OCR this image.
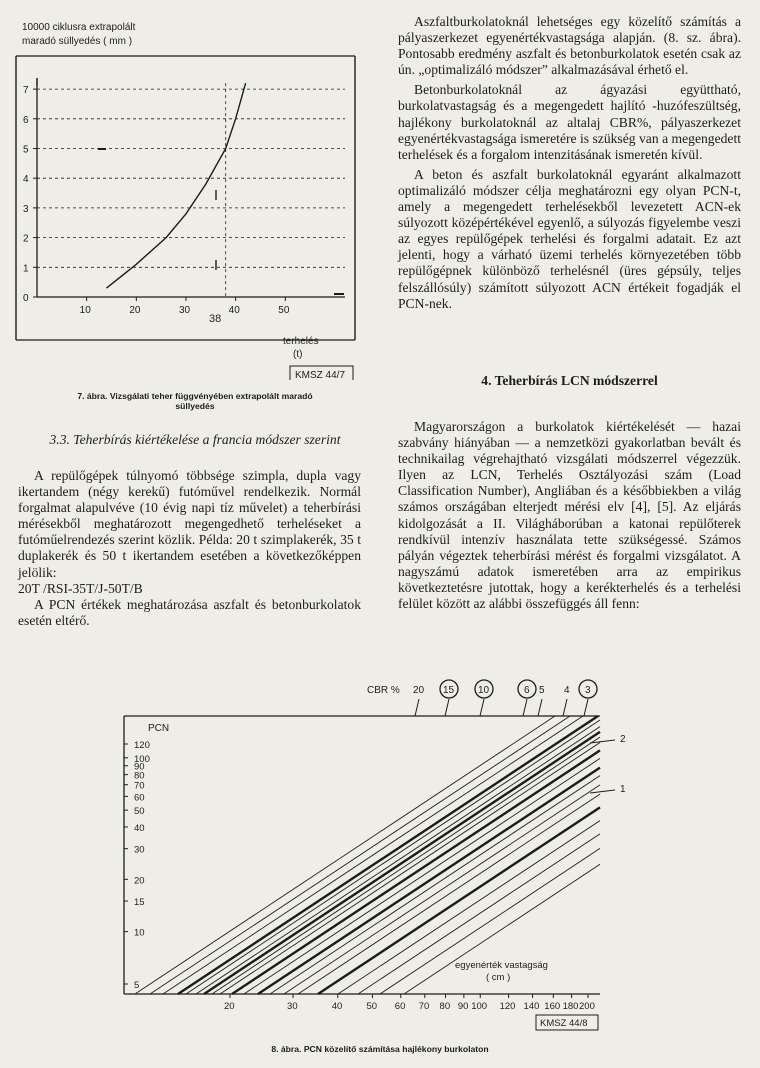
10000 ciklusra extrapolált
maradó süllyedés ( mm )
7
6
5
4
3
2
1
0
10	20	30	40	50
38
terhelés
(t)
KMSZ 44/7
7. ábra. Vizsgálati teher függvényében extrapolált maradó
süllyedés
3.3. Teherbírás kiértékelése a francia módszer szerint

A repülőgépek túlnyomó többsége szimpla, dupla vagy ikertandem (négy kerekű) futóművel rendelkezik. Normál forgalmat alapulvéve (10 évig napi tíz művelet) a teherbírási mérésekből meghatározott megengedhető terheléseket a futóműelrendezés szerint közlik. Példa: 20 t szimplakerék, 35 t duplakerék és 50 t ikertandem esetében a következőképpen jelölik:

20T /RSI-35T/J-50T/B

A PCN értékek meghatározása aszfalt és betonburkolatok esetén eltérő.

Aszfaltburkolatoknál lehetséges egy közelítő számítás a pályaszerkezet egyenértékvastagsága alapján. (8. sz. ábra). Pontosabb eredmény aszfalt és betonburkolatok esetén csak az ún. „optimalizáló módszer” alkalmazásával érhető el.

Betonburkolatoknál az ágyazási együttható, burkolatvastagság és a megengedett hajlító -huzófeszültség, hajlékony burkolatoknál az altalaj CBR%, pályaszerkezet egyenértékvastagsága ismeretére is szükség van a megengedett terhelések és a forgalom intenzitásának ismeretén kívül.

A beton és aszfalt burkolatoknál egyaránt alkalmazott optimalizáló módszer célja meghatározni egy olyan PCN-t, amely a megengedett terhelésekből levezetett ACN-ek súlyozott középértékével egyenlő, a súlyozás figyelembe veszi az egyes repülőgépek terhelési és forgalmi adatait. Ez azt jelenti, hogy a várható üzemi terhelés környezetében több repülőgépnek különböző terhelésnél (üres gépsúly, teljes felszállósúly) számított súlyozott ACN értékeit fogadják el PCN-nek.

4. Teherbírás LCN módszerrel

Magyarországon a burkolatok kiértékelését — hazai szabvány hiányában — a nemzetközi gyakorlatban bevált és technikailag végrehajtható vizsgálati módszerrel végezzük. Ilyen az LCN, Terhelés Osztályozási szám (Load Classification Number), Angliában és a későbbiekben a világ számos országában elterjedt mérési elv [4], [5]. Az eljárás kidolgozását a II. Világháborúban a katonai repülőterek rendkívül intenzív használata tette szükségessé. Számos pályán végeztek teherbírási mérést és forgalmi vizsgálatot. A nagyszámú adatok ismeretében arra az empirikus következtetésre jutottak, hogy a kerékterhelés és a terhelési felület között az alábbi összefüggés áll fenn:

CBR % 20 15 10	6 5 4 3
PCN
120
100
90
80
70
60
50
40
30
20
15
10
5
20	30	40	50 60 70 80 90 100 120 140 160 180 200
2
1
egyenérték vastagság
( cm )
KMSZ 44/8
8. ábra. PCN közelítő számítása hajlékony burkolaton
